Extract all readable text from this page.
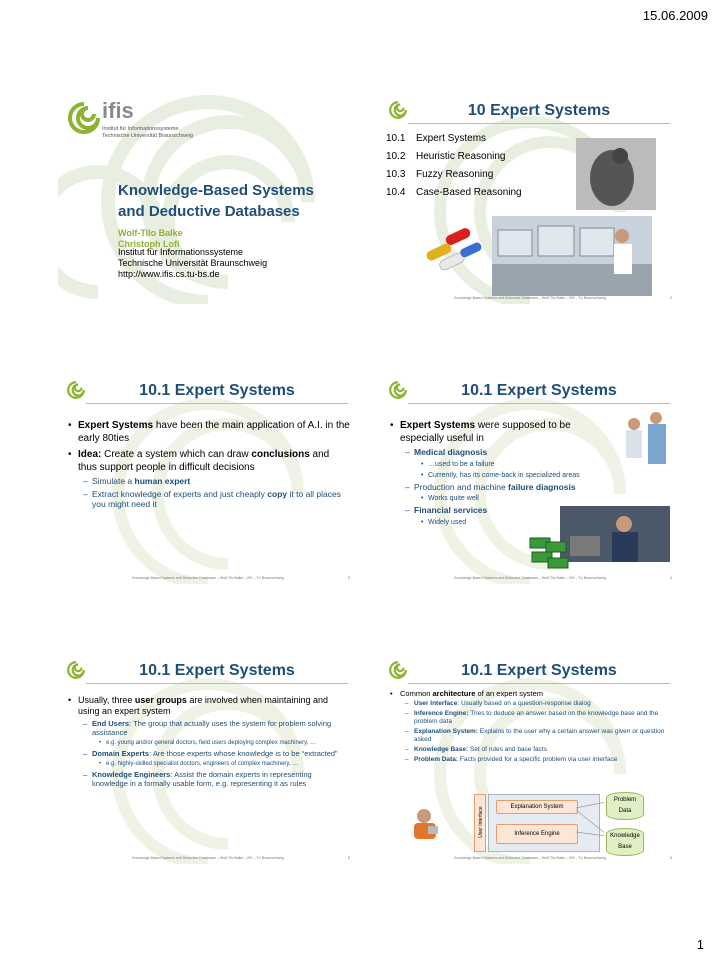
15.06.2009
ifis
Institut für Informationssysteme
Technische Universität Braunschweig
Knowledge-Based Systems
and Deductive Databases
Wolf-Tilo Balke
Christoph Lofi
Institut für Informationssysteme
Technische Universität Braunschweig
http://www.ifis.cs.tu-bs.de
10 Expert Systems
10.1 Expert Systems
10.2 Heuristic Reasoning
10.3 Fuzzy Reasoning
10.4 Case-Based Reasoning
Knowledge-Based Systems and Deductive Databases – Wolf-Tilo Balke – IfIS – TU Braunschweig	2
10.1 Expert Systems
• Expert Systems have been the main application of A.I. in the early 80ties
• Idea: Create a system which can draw conclusions and thus support people in difficult decisions
– Simulate a human expert
– Extract knowledge of experts and just cheaply copy it to all places you might need it
Knowledge-Based Systems and Deductive Databases – Wolf-Tilo Balke – IfIS – TU Braunschweig	3
10.1 Expert Systems
• Expert Systems were supposed to be especially useful in
– Medical diagnosis
• …used to be a failure
• Currently, has its come-back in specialized areas
– Production and machine failure diagnosis
• Works quite well
– Financial services
• Widely used
Knowledge-Based Systems and Deductive Databases – Wolf-Tilo Balke – IfIS – TU Braunschweig	4
10.1 Expert Systems
• Usually, three user groups are involved when maintaining and using an expert system
– End Users: The group that actually uses the system for problem solving assistance
• e.g. young and/or general doctors, field users deploying complex machinery, …
– Domain Experts: Are those experts whose knowledge is to be “extracted”
• e.g. highly-skilled specialist doctors, engineers of complex machinery, …
– Knowledge Engineers: Assist the domain experts in representing knowledge in a formally usable form, e.g. representing it as rules
Knowledge-Based Systems and Deductive Databases – Wolf-Tilo Balke – IfIS – TU Braunschweig	5
10.1 Expert Systems
• Common architecture of an expert system
– User Interface: Usually based on a question-response dialog
– Inference Engine: Tries to deduce an answer based on the knowledge base and the problem data
– Explanation System: Explains to the user why a certain answer was given or question asked
– Knowledge Base: Set of rules and base facts
– Problem Data: Facts provided for a specific problem via user interface
User Interface	Explanation System
Inference Engine
Problem Data
Knowledge Base
Knowledge-Based Systems and Deductive Databases – Wolf-Tilo Balke – IfIS – TU Braunschweig	6
1
